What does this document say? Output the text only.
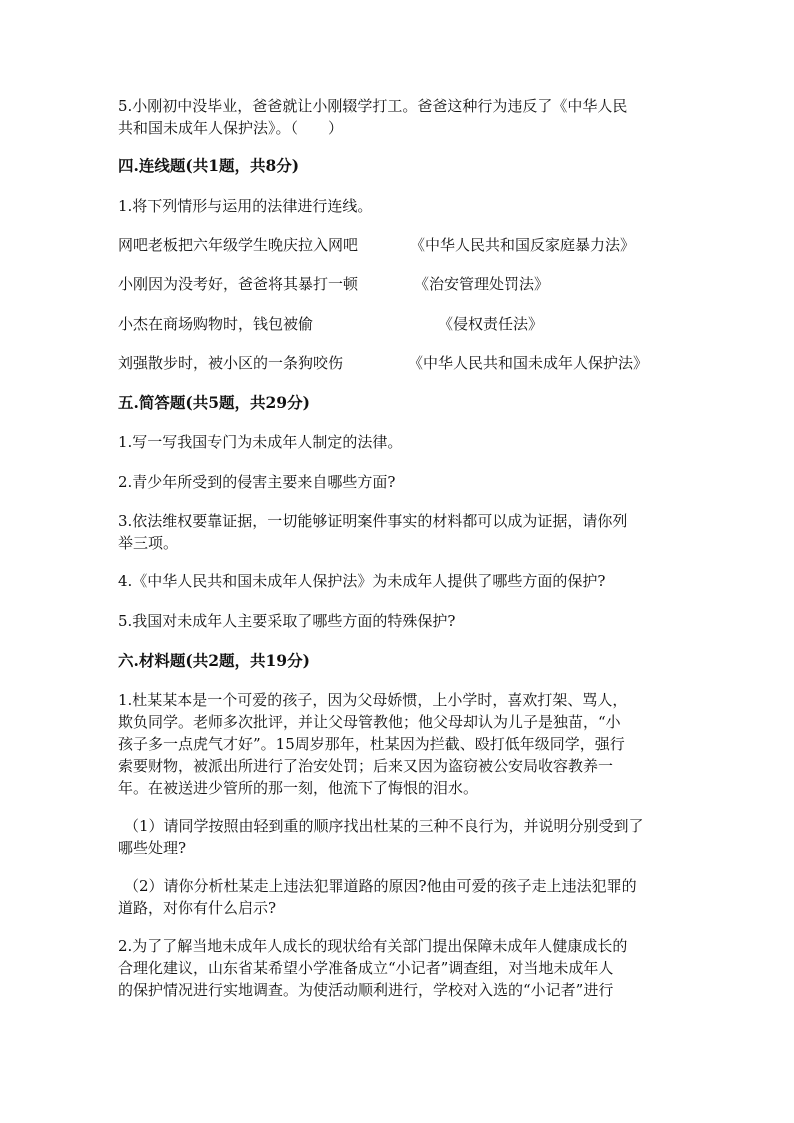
5.小刚初中没毕业，爸爸就让小刚辍学打工。爸爸这种行为违反了《中华人民
共和国未成年人保护法》。（　　）
四.连线题(共1题，共8分)
1.将下列情形与运用的法律进行连线。
网吧老板把六年级学生晚庆拉入网吧	《中华人民共和国反家庭暴力法》
小刚因为没考好，爸爸将其暴打一顿	《治安管理处罚法》
小杰在商场购物时，钱包被偷	《侵权责任法》
刘强散步时，被小区的一条狗咬伤	《中华人民共和国未成年人保护法》
五.简答题(共5题，共29分)
1.写一写我国专门为未成年人制定的法律。
2.青少年所受到的侵害主要来自哪些方面?
3.依法维权要靠证据，一切能够证明案件事实的材料都可以成为证据，请你列
举三项。
4.《中华人民共和国未成年人保护法》为未成年人提供了哪些方面的保护?
5.我国对未成年人主要采取了哪些方面的特殊保护?
六.材料题(共2题，共19分)
1.杜某某本是一个可爱的孩子，因为父母娇惯，上小学时，喜欢打架、骂人，
欺负同学。老师多次批评，并让父母管教他；他父母却认为儿子是独苗，“小
孩子多一点虎气才好”。15周岁那年，杜某因为拦截、殴打低年级同学，强行
索要财物，被派出所进行了治安处罚；后来又因为盗窃被公安局收容教养一
年。在被送进少管所的那一刻，他流下了悔恨的泪水。
（1）请同学按照由轻到重的顺序找出杜某的三种不良行为，并说明分别受到了
哪些处理?
（2）请你分析杜某走上违法犯罪道路的原因?他由可爱的孩子走上违法犯罪的
道路，对你有什么启示?
2.为了了解当地未成年人成长的现状给有关部门提出保障未成年人健康成长的
合理化建议，山东省某希望小学准备成立“小记者”调查组，对当地未成年人
的保护情况进行实地调查。为使活动顺利进行，学校对入选的“小记者”进行
